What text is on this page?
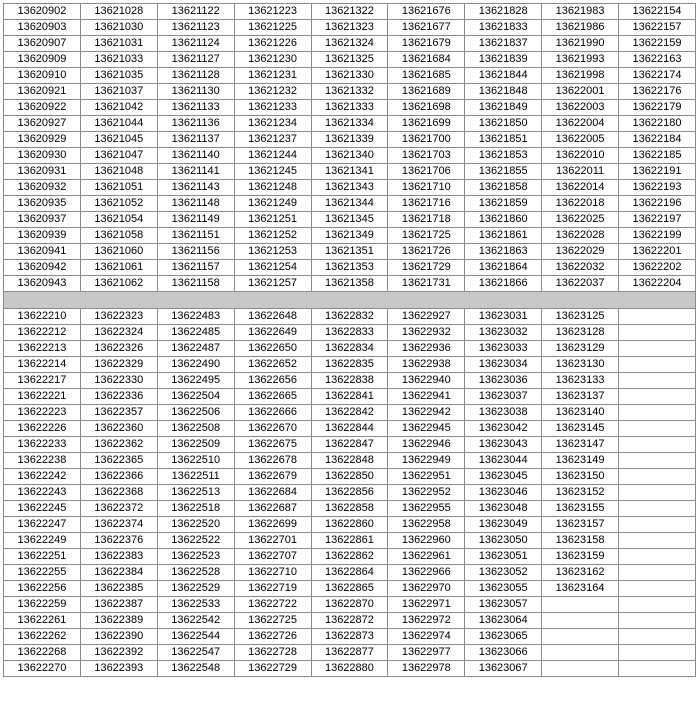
13620902	13621028	13621122	13621223	13621322	13621676	13621828	13621983	13622154
13620903	13621030	13621123	13621225	13621323	13621677	13621833	13621986	13622157
13620907	13621031	13621124	13621226	13621324	13621679	13621837	13621990	13622159
13620909	13621033	13621127	13621230	13621325	13621684	13621839	13621993	13622163
13620910	13621035	13621128	13621231	13621330	13621685	13621844	13621998	13622174
13620921	13621037	13621130	13621232	13621332	13621689	13621848	13622001	13622176
13620922	13621042	13621133	13621233	13621333	13621698	13621849	13622003	13622179
13620927	13621044	13621136	13621234	13621334	13621699	13621850	13622004	13622180
13620929	13621045	13621137	13621237	13621339	13621700	13621851	13622005	13622184
13620930	13621047	13621140	13621244	13621340	13621703	13621853	13622010	13622185
13620931	13621048	13621141	13621245	13621341	13621706	13621855	13622011	13622191
13620932	13621051	13621143	13621248	13621343	13621710	13621858	13622014	13622193
13620935	13621052	13621148	13621249	13621344	13621716	13621859	13622018	13622196
13620937	13621054	13621149	13621251	13621345	13621718	13621860	13622025	13622197
13620939	13621058	13621151	13621252	13621349	13621725	13621861	13622028	13622199
13620941	13621060	13621156	13621253	13621351	13621726	13621863	13622029	13622201
13620942	13621061	13621157	13621254	13621353	13621729	13621864	13622032	13622202
13620943	13621062	13621158	13621257	13621358	13621731	13621866	13622037	13622204
13622210	13622323	13622483	13622648	13622832	13622927	13623031	13623125	
13622212	13622324	13622485	13622649	13622833	13622932	13623032	13623128	
13622213	13622326	13622487	13622650	13622834	13622936	13623033	13623129	
13622214	13622329	13622490	13622652	13622835	13622938	13623034	13623130	
13622217	13622330	13622495	13622656	13622838	13622940	13623036	13623133	
13622221	13622336	13622504	13622665	13622841	13622941	13623037	13623137	
13622223	13622357	13622506	13622666	13622842	13622942	13623038	13623140	
13622226	13622360	13622508	13622670	13622844	13622945	13623042	13623145	
13622233	13622362	13622509	13622675	13622847	13622946	13623043	13623147	
13622238	13622365	13622510	13622678	13622848	13622949	13623044	13623149	
13622242	13622366	13622511	13622679	13622850	13622951	13623045	13623150	
13622243	13622368	13622513	13622684	13622856	13622952	13623046	13623152	
13622245	13622372	13622518	13622687	13622858	13622955	13623048	13623155	
13622247	13622374	13622520	13622699	13622860	13622958	13623049	13623157	
13622249	13622376	13622522	13622701	13622861	13622960	13623050	13623158	
13622251	13622383	13622523	13622707	13622862	13622961	13623051	13623159	
13622255	13622384	13622528	13622710	13622864	13622966	13623052	13623162	
13622256	13622385	13622529	13622719	13622865	13622970	13623055	13623164	
13622259	13622387	13622533	13622722	13622870	13622971	13623057		
13622261	13622389	13622542	13622725	13622872	13622972	13623064		
13622262	13622390	13622544	13622726	13622873	13622974	13623065		
13622268	13622392	13622547	13622728	13622877	13622977	13623066		
13622270	13622393	13622548	13622729	13622880	13622978	13623067		
